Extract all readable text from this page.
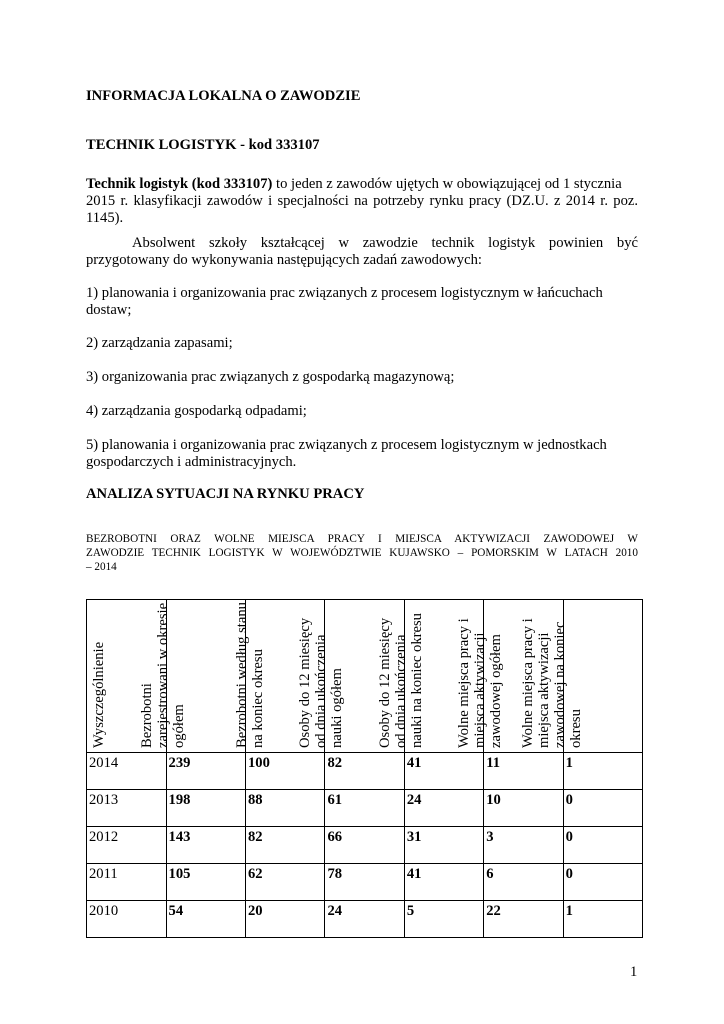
INFORMACJA LOKALNA O ZAWODZIE

TECHNIK LOGISTYK - kod 333107

Technik logistyk (kod 333107) to jeden z zawodów ujętych w obowiązującej od 1 stycznia

2015 r. klasyfikacji zawodów i specjalności na potrzeby rynku pracy (DZ.U. z 2014 r. poz.

1145).

Absolwent szkoły kształcącej w zawodzie technik logistyk powinien być

przygotowany do wykonywania następujących zadań zawodowych:

1) planowania i organizowania prac związanych z procesem logistycznym w łańcuchach

dostaw;

2) zarządzania zapasami;

3) organizowania prac związanych z gospodarką magazynową;

4) zarządzania gospodarką odpadami;

5) planowania i organizowania prac związanych z procesem logistycznym w jednostkach

gospodarczych i administracyjnych.

ANALIZA SYTUACJI NA RYNKU PRACY

BEZROBOTNI ORAZ WOLNE MIEJSCA PRACY I MIEJSCA AKTYWIZACJI ZAWODOWEJ W
ZAWODZIE TECHNIK LOGISTYK W WOJEWÓDZTWIE KUJAWSKO – POMORSKIM W LATACH 2010
– 2014
Wyszczególnienie	Bezrobotni zarejestrowani w okresie ogółem	Bezrobotni według stanu na koniec okresu	Osoby do 12 miesięcy od dnia ukończenia nauki ogółem	Osoby do 12 miesięcy od dnia ukończenia nauki na koniec okresu	Wolne miejsca pracy i miejsca aktywizacji zawodowej ogółem	Wolne miejsca pracy i miejsca aktywizacji zawodowej na koniec okresu

2014	239	100	82	41	11	1
2013	198	88	61	24	10	0
2012	143	82	66	31	3	0
2011	105	62	78	41	6	0
2010	54	20	24	5	22	1
1
